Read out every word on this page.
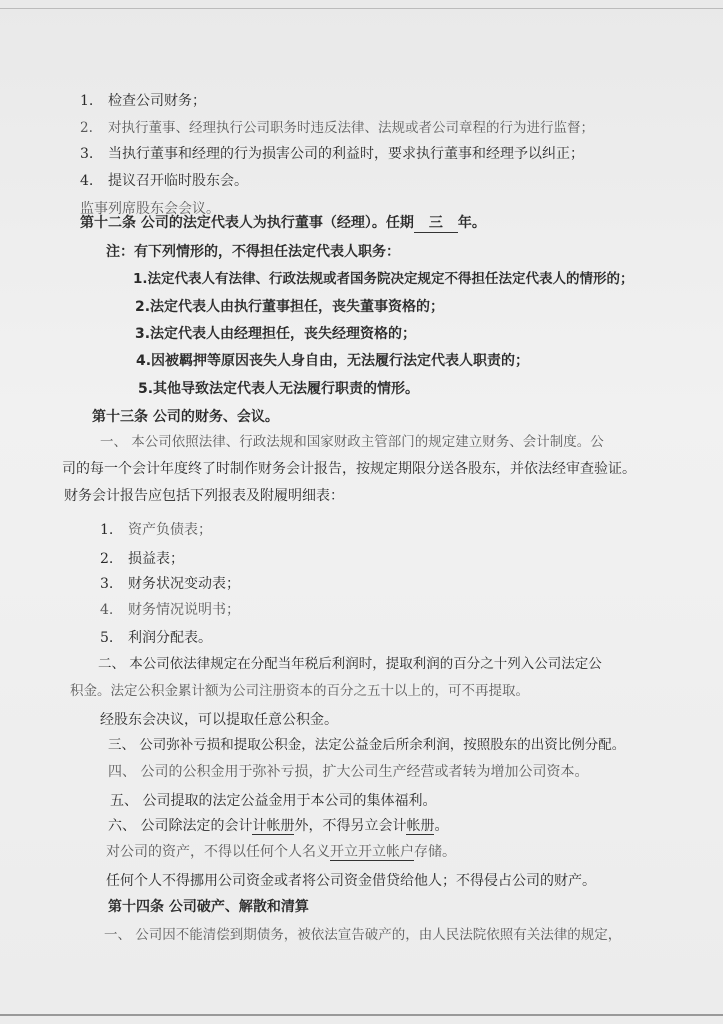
1. 检查公司财务；
2. 对执行董事、经理执行公司职务时违反法律、法规或者公司章程的行为进行监督；
3. 当执行董事和经理的行为损害公司的利益时，要求执行董事和经理予以纠正；
4. 提议召开临时股东会。
监事列席股东会会议。
第十二条 公司的法定代表人为执行董事（经理）。任期 三 年。
注：有下列情形的，不得担任法定代表人职务：
1.法定代表人有法律、行政法规或者国务院决定规定不得担任法定代表人的情形的；
2.法定代表人由执行董事担任，丧失董事资格的；
3.法定代表人由经理担任，丧失经理资格的；
4.因被羁押等原因丧失人身自由，无法履行法定代表人职责的；
5.其他导致法定代表人无法履行职责的情形。
第十三条 公司的财务、会议。
一、 本公司依照法律、行政法规和国家财政主管部门的规定建立财务、会计制度。公
司的每一个会计年度终了时制作财务会计报告，按规定期限分送各股东，并依法经审查验证。
财务会计报告应包括下列报表及附履明细表：
1. 资产负债表；
2. 损益表；
3. 财务状况变动表；
4. 财务情况说明书；
5. 利润分配表。
二、 本公司依法律规定在分配当年税后利润时，提取利润的百分之十列入公司法定公
积金。法定公积金累计额为公司注册资本的百分之五十以上的，可不再提取。
经股东会决议，可以提取任意公积金。
三、 公司弥补亏损和提取公积金，法定公益金后所余利润，按照股东的出资比例分配。
四、 公司的公积金用于弥补亏损，扩大公司生产经营或者转为增加公司资本。
五、 公司提取的法定公益金用于本公司的集体福利。
六、 公司除法定的会计计帐册外，不得另立会计帐册。
对公司的资产，不得以任何个人名义开立开立帐户存储。
任何个人不得挪用公司资金或者将公司资金借贷给他人；不得侵占公司的财产。
第十四条 公司破产、解散和清算
一、 公司因不能清偿到期债务，被依法宣告破产的，由人民法院依照有关法律的规定，
